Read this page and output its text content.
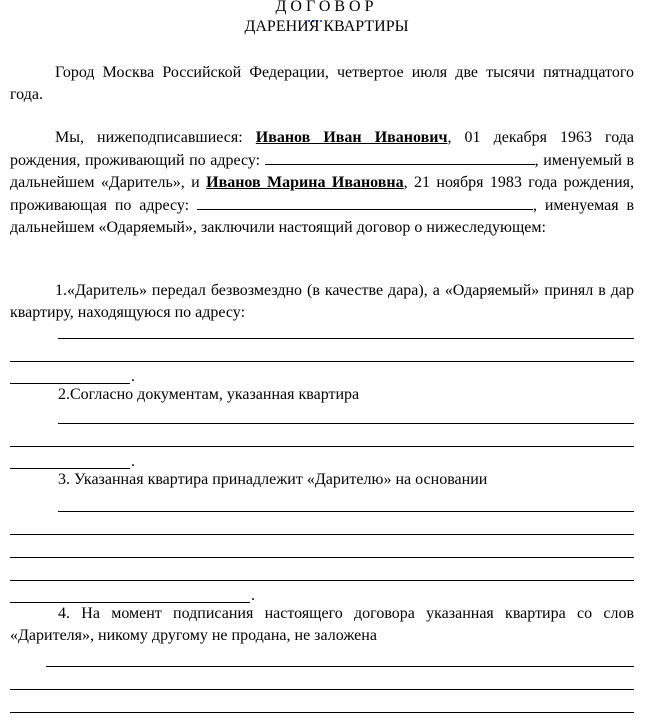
ДОГОВОР
ДАРЕНИЯ КВАРТИРЫ
Город Москва Российской Федерации, четвертое июля две тысячи пятнадцатого года.
Мы, нижеподписавшиеся: Иванов Иван Иванович, 01 декабря 1963 года рождения, проживающий по адресу:	, именуемый в дальнейшем «Даритель», и Иванов Марина Ивановна, 21 ноября 1983 года рождения, проживающая по адресу:	, именуемая в дальнейшем «Одаряемый», заключили настоящий договор о нижеследующем:
1.«Даритель» передал безвозмездно (в качестве дара), а «Одаряемый» принял в дар квартиру, находящуюся по адресу:
.
2.Согласно документам, указанная квартира
.
3. Указанная квартира принадлежит «Дарителю» на основании
.
4. На момент подписания настоящего договора указанная квартира со слов «Дарителя», никому другому не продана, не заложена
